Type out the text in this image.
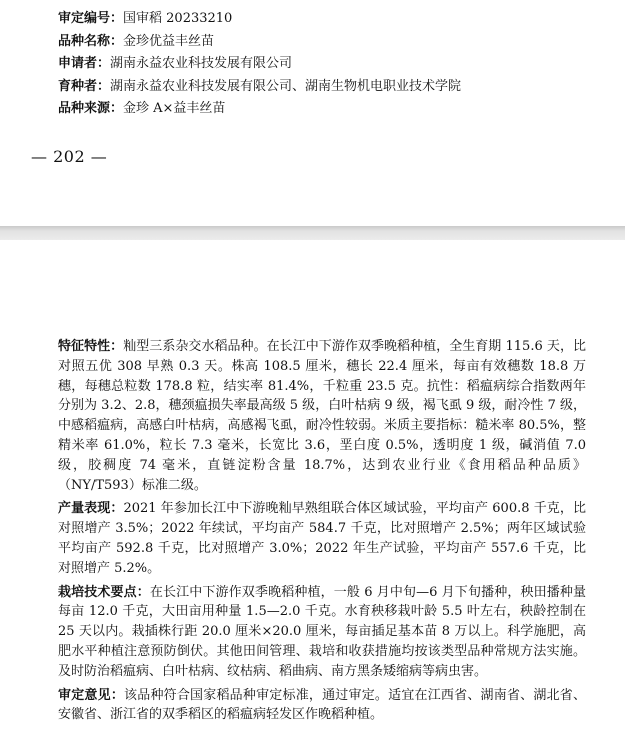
审定编号：国审稻 20233210
品种名称：金珍优益丰丝苗
申请者：湖南永益农业科技发展有限公司
育种者：湖南永益农业科技发展有限公司、湖南生物机电职业技术学院
品种来源：金珍 A×益丰丝苗
— 202 —

特征特性：籼型三系杂交水稻品种。在长江中下游作双季晚稻种植，全生育期 115.6 天，比对照五优 308 早熟 0.3 天。株高 108.5 厘米，穗长 22.4 厘米，每亩有效穗数 18.8 万穗，每穗总粒数 178.8 粒，结实率 81.4%，千粒重 23.5 克。抗性：稻瘟病综合指数两年分别为 3.2、2.8，穗颈瘟损失率最高级 5 级，白叶枯病 9 级，褐飞虱 9 级，耐冷性 7 级，中感稻瘟病，高感白叶枯病，高感褐飞虱，耐冷性较弱。米质主要指标：糙米率 80.5%，整精米率 61.0%，粒长 7.3 毫米，长宽比 3.6，垩白度 0.5%，透明度 1 级，碱消值 7.0 级，胶稠度 74 毫米，直链淀粉含量 18.7%，达到农业行业《食用稻品种品质》（NY/T593）标准二级。

产量表现：2021 年参加长江中下游晚籼早熟组联合体区域试验，平均亩产 600.8 千克，比对照增产 3.5%；2022 年续试，平均亩产 584.7 千克，比对照增产 2.5%；两年区域试验平均亩产 592.8 千克，比对照增产 3.0%；2022 年生产试验，平均亩产 557.6 千克，比对照增产 5.2%。

栽培技术要点：在长江中下游作双季晚稻种植，一般 6 月中旬—6 月下旬播种，秧田播种量每亩 12.0 千克，大田亩用种量 1.5—2.0 千克。水育秧移栽叶龄 5.5 叶左右，秧龄控制在 25 天以内。栽插株行距 20.0 厘米×20.0 厘米，每亩插足基本苗 8 万以上。科学施肥，高肥水平种植注意预防倒伏。其他田间管理、栽培和收获措施均按该类型品种常规方法实施。及时防治稻瘟病、白叶枯病、纹枯病、稻曲病、南方黑条矮缩病等病虫害。

审定意见：该品种符合国家稻品种审定标准，通过审定。适宜在江西省、湖南省、湖北省、安徽省、浙江省的双季稻区的稻瘟病轻发区作晚稻种植。
